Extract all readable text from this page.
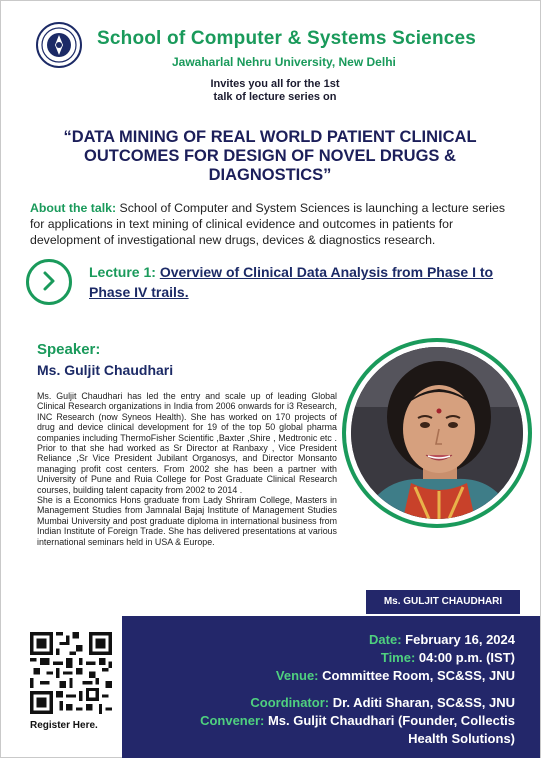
School of Computer & Systems Sciences
Jawaharlal Nehru University, New Delhi
Invites you all for the 1st
talk of lecture series on
“DATA MINING OF REAL WORLD PATIENT CLINICAL OUTCOMES FOR DESIGN OF NOVEL DRUGS & DIAGNOSTICS”
About the talk: School of Computer and System Sciences is launching a lecture series for applications in text mining of clinical evidence and outcomes in patients for development of investigational new drugs, devices & diagnostics research.
Lecture 1: Overview of Clinical Data Analysis from Phase I to Phase IV trails.
Speaker:
Ms. Guljit Chaudhari

Ms. Guljit Chaudhari has led the entry and scale up of leading Global Clinical Research organizations in India from 2006 onwards for i3 Research, INC Research (now Syneos Health). She has worked on 170 projects of drug and device clinical development for 19 of the top 50 global pharma companies including ThermoFisher Scientific ,Baxter ,Shire , Medtronic etc . Prior to that she had worked as Sr Director at Ranbaxy , Vice President Reliance ,Sr Vice President Jubilant Organosys, and Director Monsanto managing profit cost centers. From 2002 she has been a partner with University of Pune and Ruia College for Post Graduate Clinical Research courses, building talent capacity from 2002 to 2014 .

She is a Economics Hons graduate from Lady Shriram College, Masters in Management Studies from Jamnalal Bajaj Institute of Management Studies Mumbai University and post graduate diploma in international business from Indian Institute of Foreign Trade. She has delivered presentations at various international seminars held in USA & Europe.

Ms. GULJIT CHAUDHARI
Register Here.
Date: February 16, 2024
Time: 04:00 p.m. (IST)
Venue: Committee Room, SC&SS, JNU
Coordinator: Dr. Aditi Sharan, SC&SS, JNU
Convener: Ms. Guljit Chaudhari (Founder, Collectis
Health Solutions)
